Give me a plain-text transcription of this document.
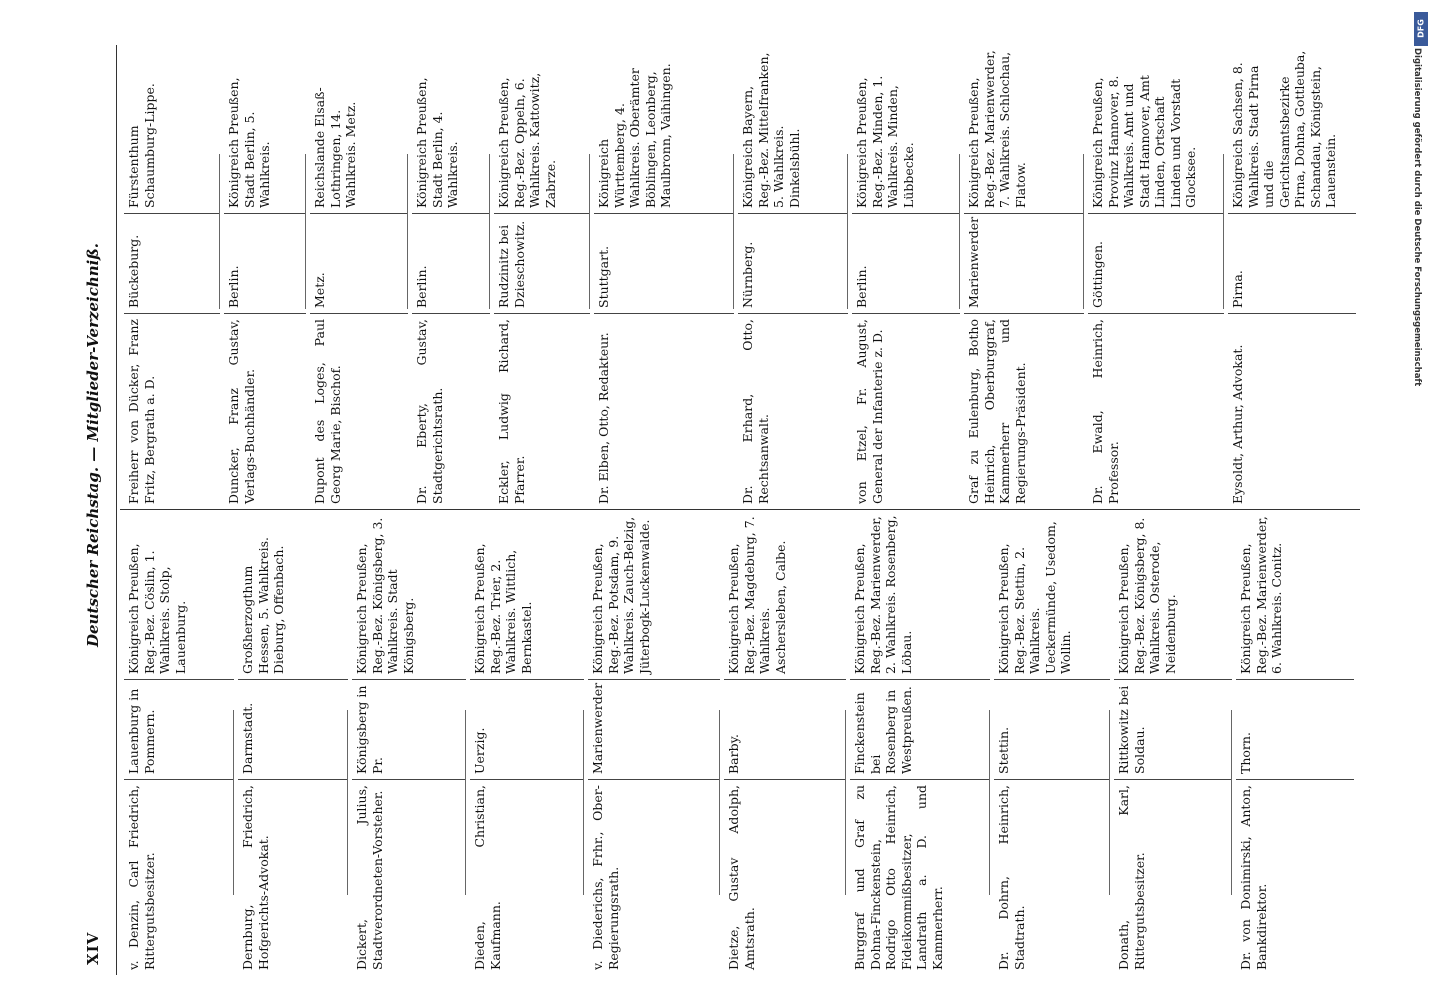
XIV
Deutscher Reichstag. — Mitglieder-Verzeichniß.
v. Denzin, Carl Friedrich, Rittergutsbesitzer.
Lauenburg in Pommern.
Königreich Preußen, Reg.-Bez. Cöslin, 1. Wahlkreis. Stolp, Lauenburg.
Dernburg, Friedrich, Hofgerichts-Advokat.
Darmstadt.
Großherzogthum Hessen, 5. Wahlkreis. Dieburg, Offenbach.
Dickert, Julius, Stadtverordneten-Vorsteher.
Königsberg in Pr.
Königreich Preußen, Reg.-Bez. Königsberg, 3. Wahlkreis. Stadt Königsberg.
Dieden, Christian, Kaufmann.
Uerzig.
Königreich Preußen, Reg.-Bez. Trier, 2. Wahlkreis. Wittlich, Bernkastel.
v. Diederichs, Frhr., Ober-Regierungsrath.
Marienwerder
Königreich Preußen, Reg.-Bez. Potsdam, 9. Wahlkreis. Zauch-Belzig, Jüterbogk-Luckenwalde.
Dietze, Gustav Adolph, Amtsrath.
Barby.
Königreich Preußen, Reg.-Bez. Magdeburg, 7. Wahlkreis. Aschersleben, Calbe.
Burggraf und Graf zu Dohna-Finckenstein, Rodrigo Otto Heinrich, Fideikommißbesitzer, Landrath a. D. und Kammerherr.
Finckenstein bei Rosenberg in Westpreußen.
Königreich Preußen, Reg.-Bez. Marienwerder, 2. Wahlkreis. Rosenberg, Löbau.
Dr. Dohrn, Heinrich, Stadtrath.
Stettin.
Königreich Preußen, Reg.-Bez. Stettin, 2. Wahlkreis. Ueckermünde, Usedom, Wollin.
Donath, Karl, Rittergutsbesitzer.
Rittkowitz bei Soldau.
Königreich Preußen, Reg.-Bez. Königsberg, 8. Wahlkreis. Osterode, Neidenburg.
Dr. von Donimirski, Anton, Bankdirektor.
Thorn.
Königreich Preußen, Reg.-Bez. Marienwerder, 6. Wahlkreis. Conitz.
Freiherr von Dücker, Franz Fritz, Bergrath a. D.
Bückeburg.
Fürstenthum Schaumburg-Lippe.
Duncker, Franz Gustav, Verlags-Buchhändler.
Berlin.
Königreich Preußen, Stadt Berlin, 5. Wahlkreis.
Dupont des Loges, Paul Georg Marie, Bischof.
Metz.
Reichslande Elsaß-Lothringen, 14. Wahlkreis. Metz.
Dr. Eberty, Gustav, Stadtgerichtsrath.
Berlin.
Königreich Preußen, Stadt Berlin, 4. Wahlkreis.
Eckler, Ludwig Richard, Pfarrer.
Rudzinitz bei Dzieschowitz.
Königreich Preußen, Reg.-Bez. Oppeln, 6. Wahlkreis. Kattowitz, Zabrze.
Dr. Elben, Otto, Redakteur.
Stuttgart.
Königreich Württemberg, 4. Wahlkreis. Oberämter Böblingen, Leonberg, Maulbronn, Vaihingen.
Dr. Erhard, Otto, Rechtsanwalt.
Nürnberg.
Königreich Bayern, Reg.-Bez. Mittelfranken, 5. Wahlkreis. Dinkelsbühl.
von Etzel, Fr. August, General der Infanterie z. D.
Berlin.
Königreich Preußen, Reg.-Bez. Minden, 1. Wahlkreis. Minden, Lübbecke.
Graf zu Eulenburg, Botho Heinrich, Oberburggraf, Kammerherr und Regierungs-Präsident.
Marienwerder
Königreich Preußen, Reg.-Bez. Marienwerder, 7. Wahlkreis. Schlochau, Flatow.
Dr. Ewald, Heinrich, Professor.
Göttingen.
Königreich Preußen, Provinz Hannover, 8. Wahlkreis. Amt und Stadt Hannover, Amt Linden, Ortschaft Linden und Vorstadt Glocksee.
Eysoldt, Arthur, Advokat.
Pirna.
Königreich Sachsen, 8. Wahlkreis. Stadt Pirna und die Gerichtsamtsbezirke Pirna, Dohna, Gottleuba, Schandau, Königstein, Lauenstein.
DFG
Digitalisierung gefördert durch die Deutsche Forschungsgemeinschaft
